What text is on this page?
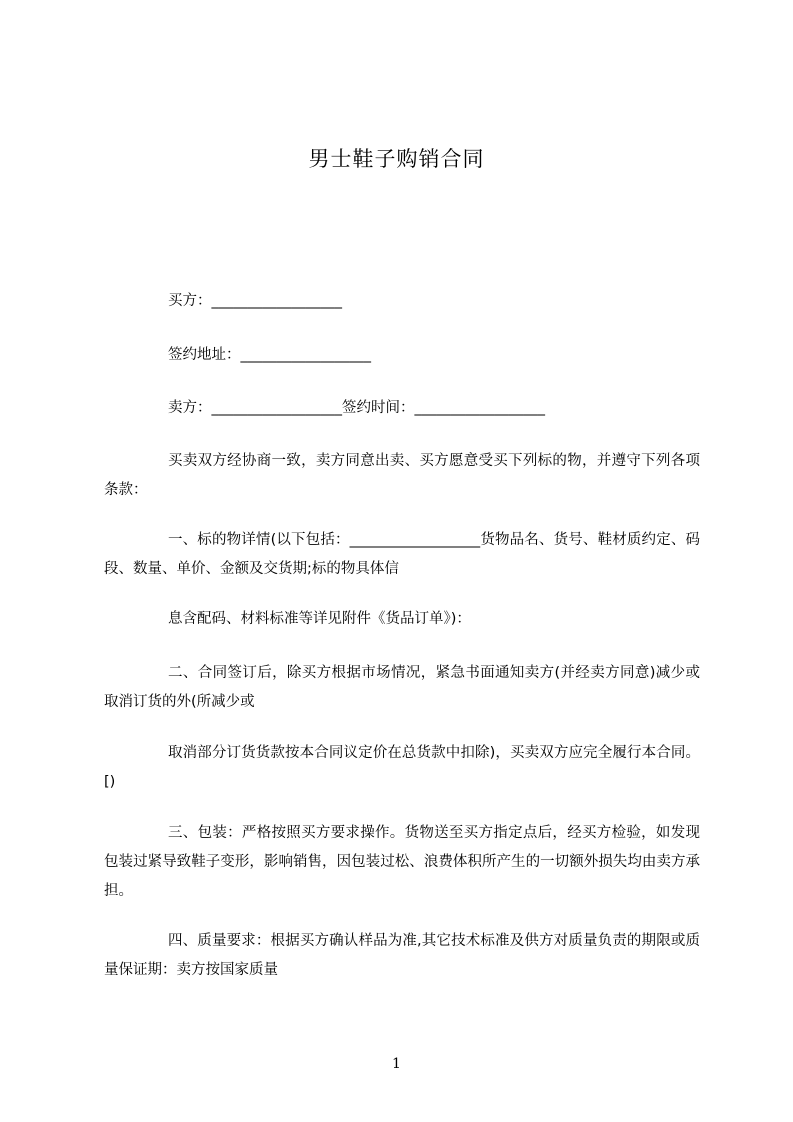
男士鞋子购销合同
买方：__________________
签约地址：__________________
卖方：__________________签约时间：__________________
买卖双方经协商一致，卖方同意出卖、买方愿意受买下列标的物，并遵守下列各项条款：
一、标的物详情(以下包括：__________________货物品名、货号、鞋材质约定、码段、数量、单价、金额及交货期;标的物具体信
息含配码、材料标准等详见附件《货品订单》)：
二、合同签订后，除买方根据市场情况，紧急书面通知卖方(并经卖方同意)减少或取消订货的外(所减少或
取消部分订货货款按本合同议定价在总货款中扣除)，买卖双方应完全履行本合同。[)
三、包装：严格按照买方要求操作。货物送至买方指定点后，经买方检验，如发现包装过紧导致鞋子变形，影响销售，因包装过松、浪费体积所产生的一切额外损失均由卖方承担。
四、质量要求：根据买方确认样品为准,其它技术标准及供方对质量负责的期限或质量保证期：卖方按国家质量
1
